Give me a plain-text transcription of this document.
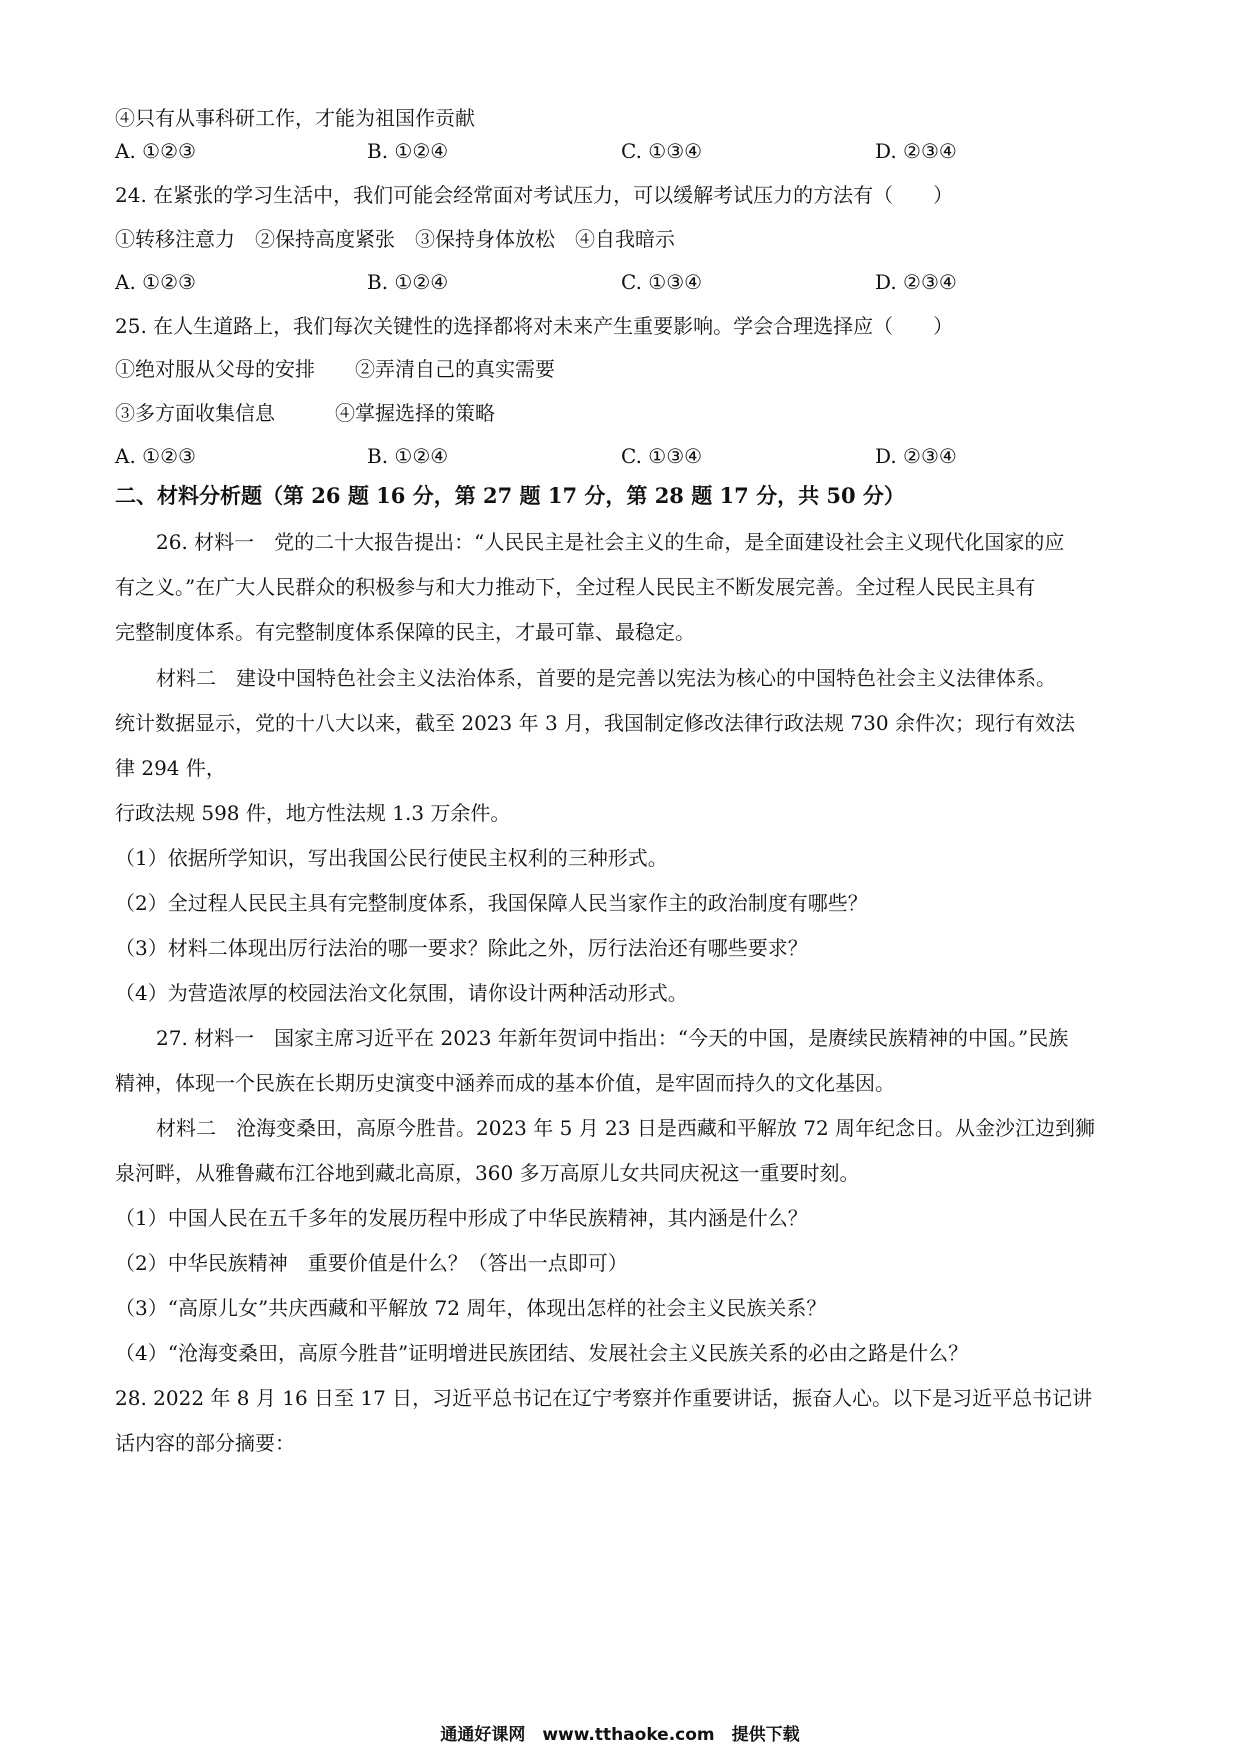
④只有从事科研工作，才能为祖国作贡献
A. ①②③	B. ①②④	C. ①③④	D. ②③④
24. 在紧张的学习生活中，我们可能会经常面对考试压力，可以缓解考试压力的方法有（　　）
①转移注意力　②保持高度紧张　③保持身体放松　④自我暗示
A. ①②③	B. ①②④	C. ①③④	D. ②③④
25. 在人生道路上，我们每次关键性的选择都将对未来产生重要影响。学会合理选择应（　　）
①绝对服从父母的安排　　②弄清自己的真实需要
③多方面收集信息　　　④掌握选择的策略
A. ①②③	B. ①②④	C. ①③④	D. ②③④
二、材料分析题（第 26 题 16 分，第 27 题 17 分，第 28 题 17 分，共 50 分）
26. 材料一　党的二十大报告提出：“人民民主是社会主义的生命，是全面建设社会主义现代化国家的应
有之义。”在广大人民群众的积极参与和大力推动下，全过程人民民主不断发展完善。全过程人民民主具有
完整制度体系。有完整制度体系保障的民主，才最可靠、最稳定。
材料二　建设中国特色社会主义法治体系，首要的是完善以宪法为核心的中国特色社会主义法律体系。
统计数据显示，党的十八大以来，截至 2023 年 3 月，我国制定修改法律行政法规 730 余件次；现行有效法
律 294 件，
行政法规 598 件，地方性法规 1.3 万余件。
（1）依据所学知识，写出我国公民行使民主权利的三种形式。
（2）全过程人民民主具有完整制度体系，我国保障人民当家作主的政治制度有哪些？
（3）材料二体现出厉行法治的哪一要求？除此之外，厉行法治还有哪些要求？
（4）为营造浓厚的校园法治文化氛围，请你设计两种活动形式。
27. 材料一　国家主席习近平在 2023 年新年贺词中指出：“今天的中国，是赓续民族精神的中国。”民族
精神，体现一个民族在长期历史演变中涵养而成的基本价值，是牢固而持久的文化基因。
材料二　沧海变桑田，高原今胜昔。2023 年 5 月 23 日是西藏和平解放 72 周年纪念日。从金沙江边到狮
泉河畔，从雅鲁藏布江谷地到藏北高原，360 多万高原儿女共同庆祝这一重要时刻。
（1）中国人民在五千多年的发展历程中形成了中华民族精神，其内涵是什么？
（2）中华民族精神　重要价值是什么？（答出一点即可）
（3）“高原儿女”共庆西藏和平解放 72 周年，体现出怎样的社会主义民族关系？
（4）“沧海变桑田，高原今胜昔”证明增进民族团结、发展社会主义民族关系的必由之路是什么？
28. 2022 年 8 月 16 日至 17 日，习近平总书记在辽宁考察并作重要讲话，振奋人心。以下是习近平总书记讲
话内容的部分摘要：
通通好课网　www.tthaoke.com　提供下载
